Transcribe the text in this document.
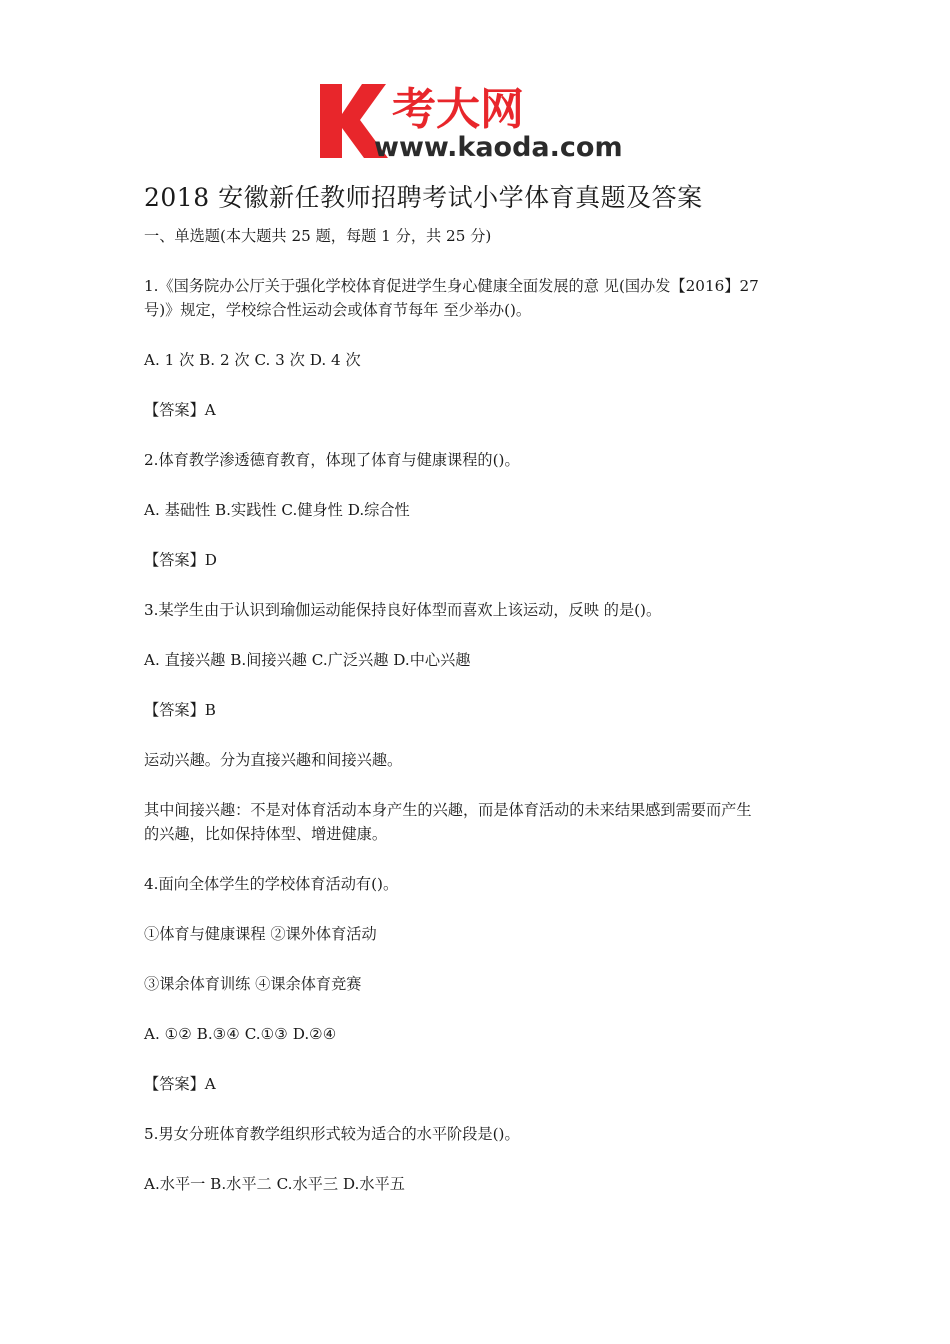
考大网
www.kaoda.com
2018 安徽新任教师招聘考试小学体育真题及答案
一、单选题(本大题共 25 题，每题 1 分，共 25 分)
1.《国务院办公厅关于强化学校体育促进学生身心健康全面发展的意 见(国办发【2016】27
号)》规定，学校综合性运动会或体育节每年 至少举办()。
A. 1 次 B. 2 次 C. 3 次 D. 4 次
【答案】A
2.体育教学渗透德育教育，体现了体育与健康课程的()。
A. 基础性 B.实践性 C.健身性 D.综合性
【答案】D
3.某学生由于认识到瑜伽运动能保持良好体型而喜欢上该运动，反映 的是()。
A. 直接兴趣 B.间接兴趣 C.广泛兴趣 D.中心兴趣
【答案】B
运动兴趣。分为直接兴趣和间接兴趣。
其中间接兴趣：不是对体育活动本身产生的兴趣，而是体育活动的未来结果感到需要而产生
的兴趣，比如保持体型、增进健康。
4.面向全体学生的学校体育活动有()。
①体育与健康课程 ②课外体育活动
③课余体育训练 ④课余体育竞赛
A. ①② B.③④ C.①③ D.②④
【答案】A
5.男女分班体育教学组织形式较为适合的水平阶段是()。
A.水平一 B.水平二 C.水平三 D.水平五
